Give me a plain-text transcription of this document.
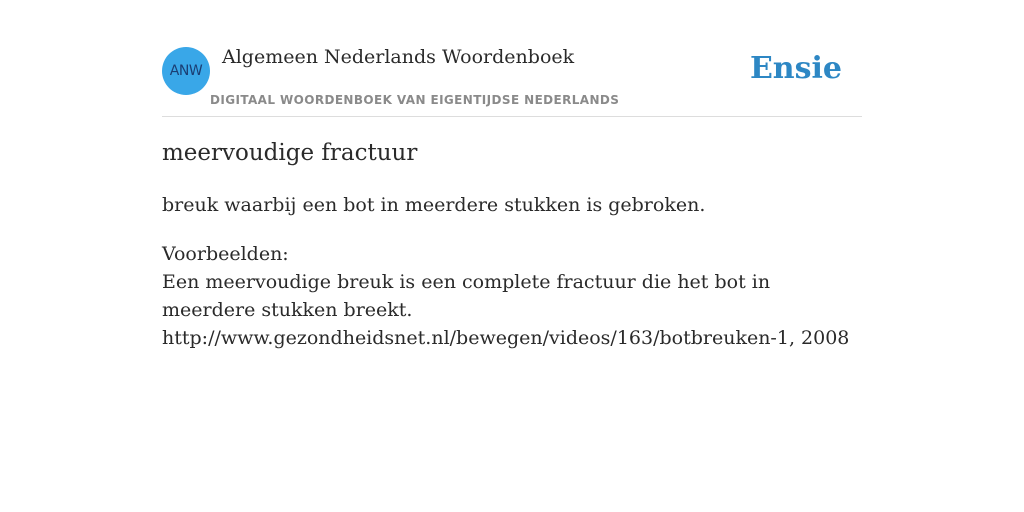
ANW
Algemeen Nederlands Woordenboek
DIGITAAL WOORDENBOEK VAN EIGENTIJDSE NEDERLANDS
Ensie
meervoudige fractuur
breuk waarbij een bot in meerdere stukken is gebroken.
Voorbeelden:
Een meervoudige breuk is een complete fractuur die het bot in meerdere stukken breekt.
http://www.gezondheidsnet.nl/bewegen/videos/163/botbreuken-1, 2008
